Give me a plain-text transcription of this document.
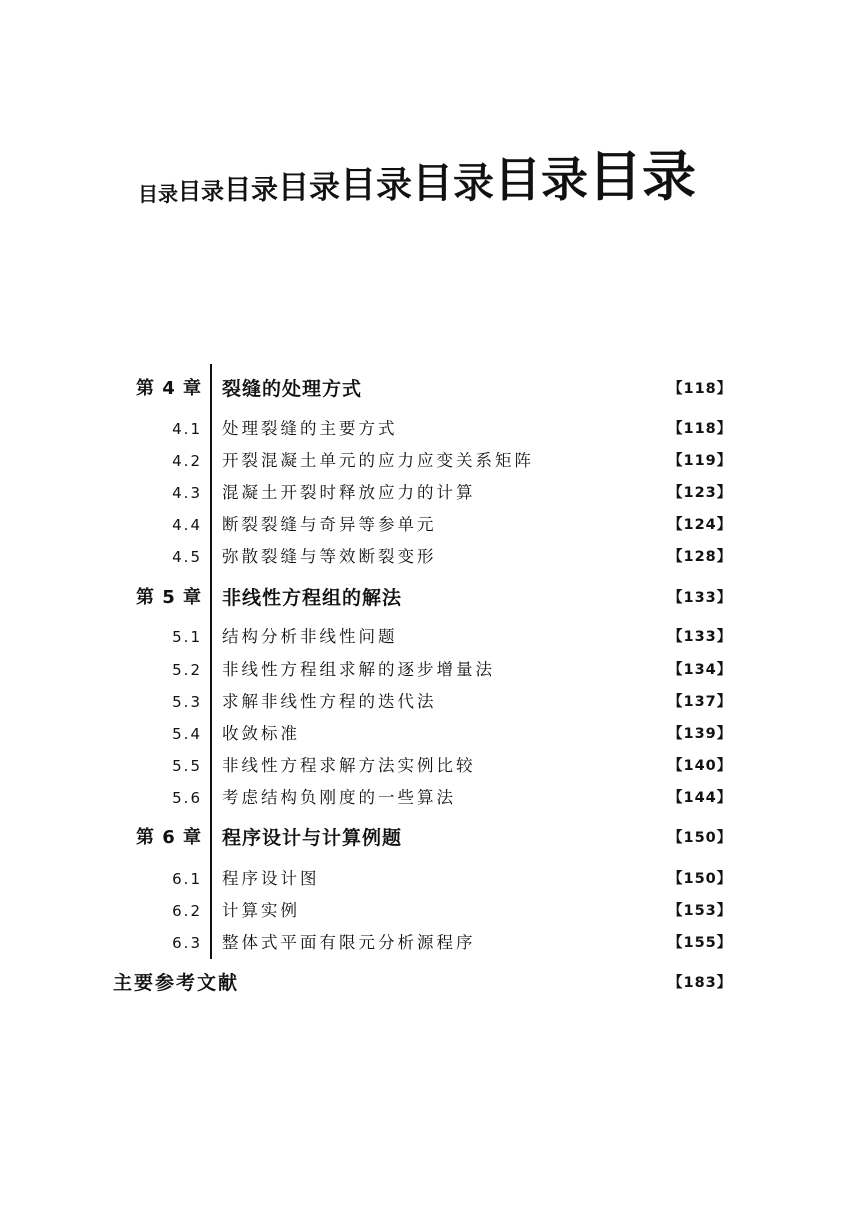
目录 目录 目录 目录 目录 目录 目录 目录
第 4 章 裂缝的处理方式	【118】
4.1 处理裂缝的主要方式	【118】
4.2 开裂混凝土单元的应力应变关系矩阵	【119】
4.3 混凝土开裂时释放应力的计算	【123】
4.4 断裂裂缝与奇异等参单元	【124】
4.5 弥散裂缝与等效断裂变形	【128】
第 5 章 非线性方程组的解法	【133】
5.1 结构分析非线性问题	【133】
5.2 非线性方程组求解的逐步增量法	【134】
5.3 求解非线性方程的迭代法	【137】
5.4 收敛标准	【139】
5.5 非线性方程求解方法实例比较	【140】
5.6 考虑结构负刚度的一些算法	【144】
第 6 章 程序设计与计算例题	【150】
6.1 程序设计图	【150】
6.2 计算实例	【153】
6.3 整体式平面有限元分析源程序	【155】
主要参考文献	【183】
